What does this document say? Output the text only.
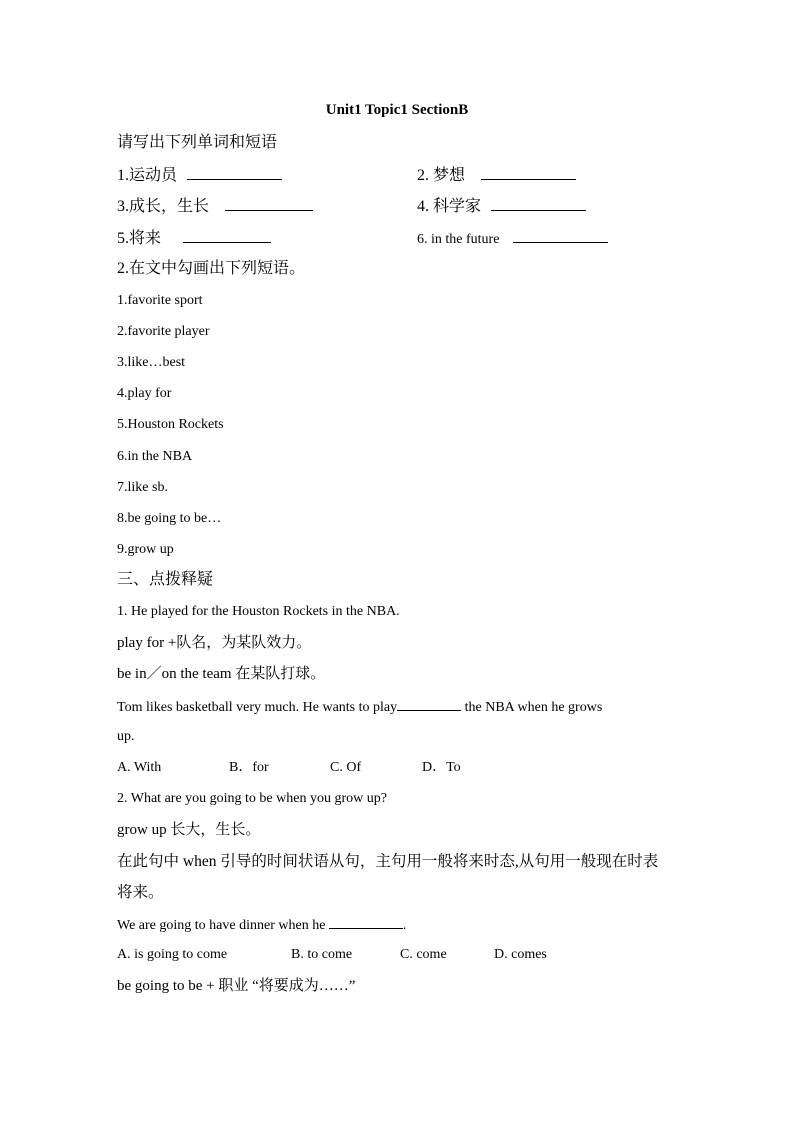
Unit1 Topic1 SectionB
请写出下列单词和短语
1.运动员	2. 梦想
3.成长，生长	4. 科学家
5.将来	6. in the future
2.在文中勾画出下列短语。
1.favorite sport
2.favorite player
3.like…best
4.play for
5.Houston Rockets
6.in the NBA
7.like sb.
8.be going to be…
9.grow up
三、点拨释疑
1. He played for the Houston Rockets in the NBA.
play for +队名，为某队效力。
be in／on the team 在某队打球。
Tom likes basketball very much. He wants to play	the NBA when he grows
up.
A. With	B．for	C. Of	D．To
2. What are you going to be when you grow up?
grow up 长大，生长。
在此句中 when 引导的时间状语从句，主句用一般将来时态,从句用一般现在时表
将来。
We are going to have dinner when he	.
A. is going to come	B. to come	C. come	D. comes
be going to be + 职业 “将要成为……”
